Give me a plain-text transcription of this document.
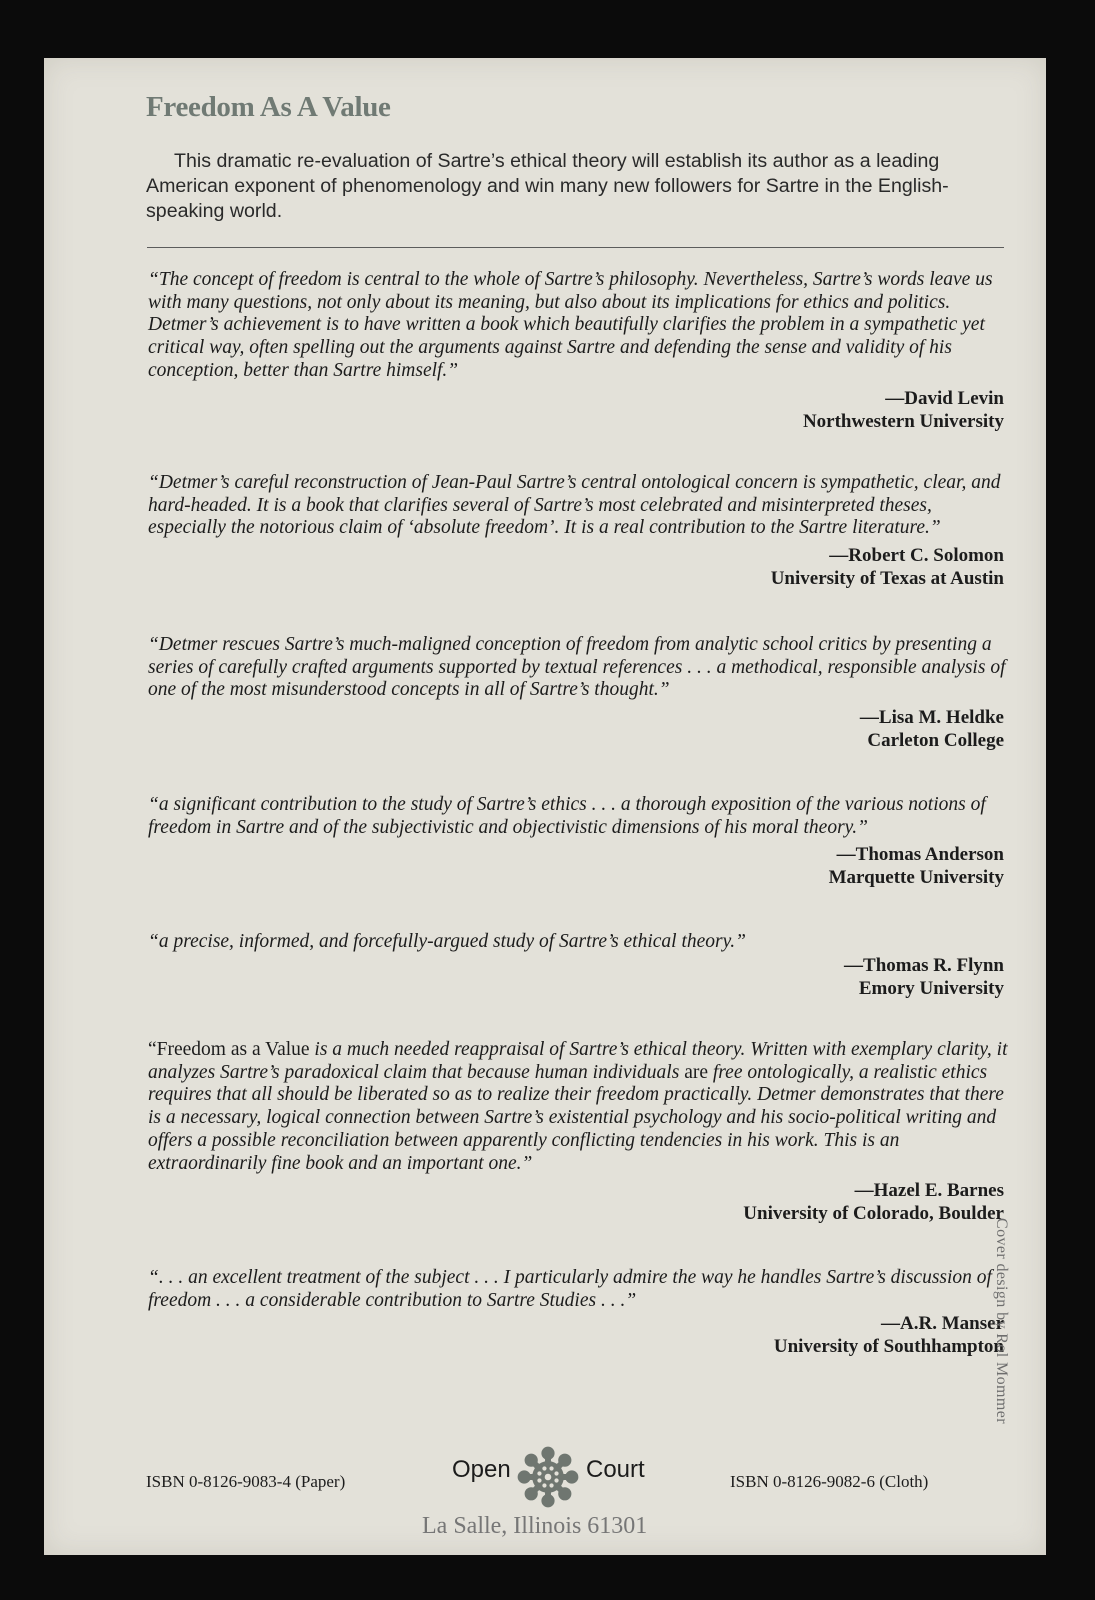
Freedom As A Value

This dramatic re-evaluation of Sartre’s ethical theory will establish its author as a leading American exponent of phenomenology and win many new followers for Sartre in the English-speaking world.

“The concept of freedom is central to the whole of Sartre’s philosophy. Nevertheless, Sartre’s words leave us with many questions, not only about its meaning, but also about its implications for ethics and politics. Detmer’s achievement is to have written a book which beautifully clarifies the problem in a sympathetic yet critical way, often spelling out the arguments against Sartre and defending the sense and validity of his conception, better than Sartre himself.”

—David Levin
Northwestern University

“Detmer’s careful reconstruction of Jean-Paul Sartre’s central ontological concern is sympathetic, clear, and hard-headed. It is a book that clarifies several of Sartre’s most celebrated and misinterpreted theses, especially the notorious claim of ‘absolute freedom’. It is a real contribution to the Sartre literature.”

—Robert C. Solomon
University of Texas at Austin

“Detmer rescues Sartre’s much-maligned conception of freedom from analytic school critics by presenting a series of carefully crafted arguments supported by textual references . . . a methodical, responsible analysis of one of the most misunderstood concepts in all of Sartre’s thought.”

—Lisa M. Heldke
Carleton College

“a significant contribution to the study of Sartre’s ethics . . . a thorough exposition of the various notions of freedom in Sartre and of the subjectivistic and objectivistic dimensions of his moral theory.”

—Thomas Anderson
Marquette University

“a precise, informed, and forcefully-argued study of Sartre’s ethical theory.”

—Thomas R. Flynn
Emory University

“Freedom as a Value is a much needed reappraisal of Sartre’s ethical theory. Written with exemplary clarity, it analyzes Sartre’s paradoxical claim that because human individuals are free ontologically, a realistic ethics requires that all should be liberated so as to realize their freedom practically. Detmer demonstrates that there is a necessary, logical connection between Sartre’s existential psychology and his socio-political writing and offers a possible reconciliation between apparently conflicting tendencies in his work. This is an extraordinarily fine book and an important one.”

—Hazel E. Barnes
University of Colorado, Boulder

“. . . an excellent treatment of the subject . . . I particularly admire the way he handles Sartre’s discussion of freedom . . . a considerable contribution to Sartre Studies . . .”

—A.R. Manser
University of Southhampton
Cover design by Rol Mommer
ISBN 0-8126-9083-4 (Paper)	Open	Court	ISBN 0-8126-9082-6 (Cloth)
La Salle, Illinois 61301
